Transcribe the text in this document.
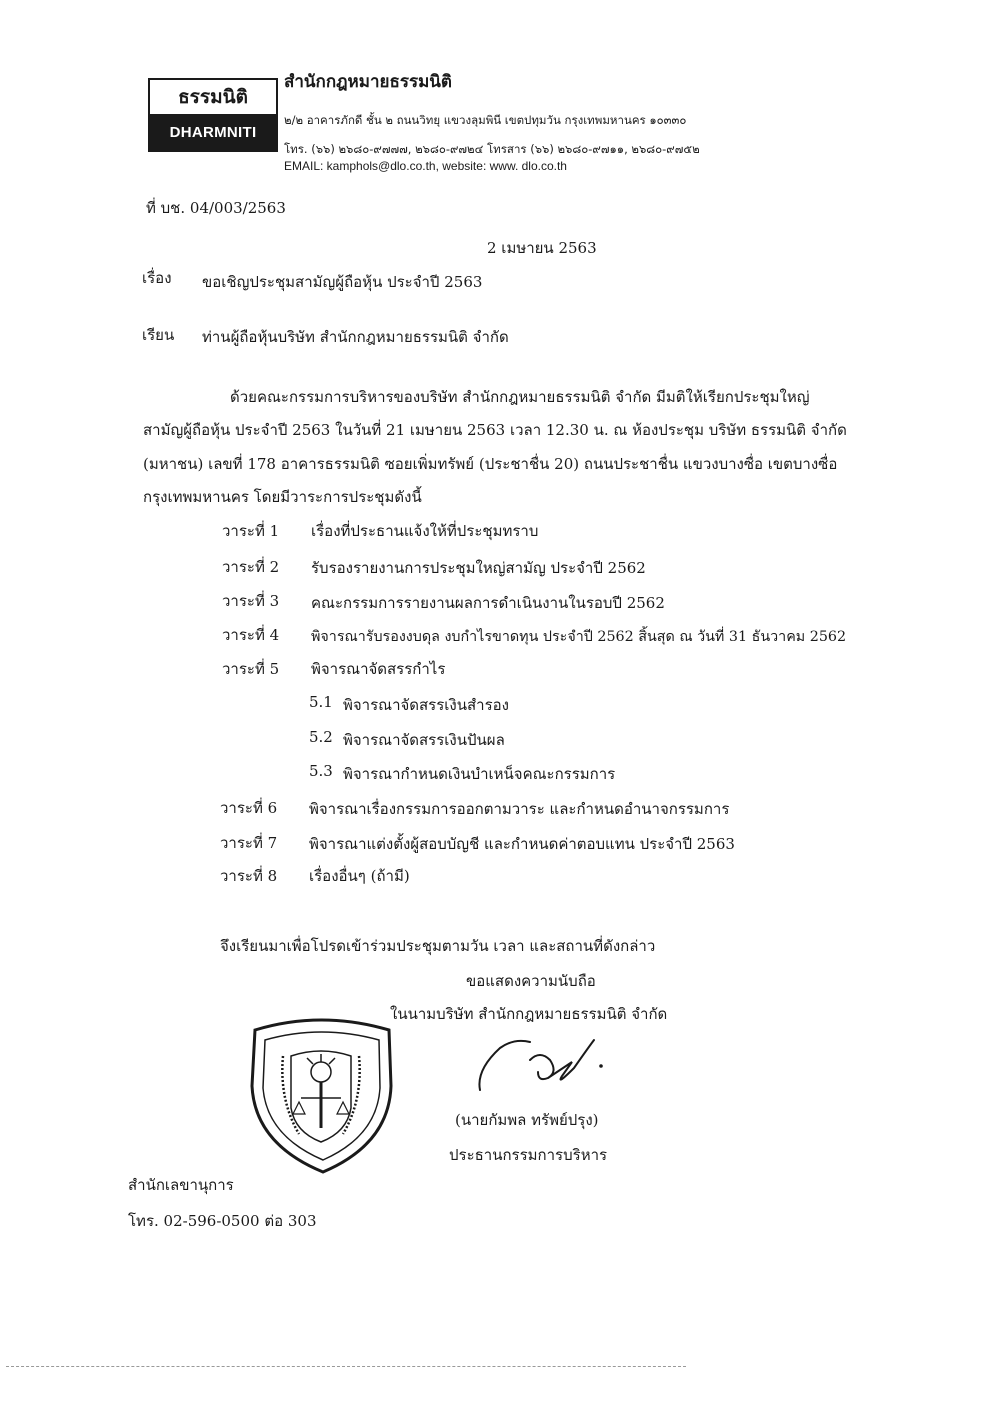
ธรรมนิติ
DHARMNITI
สำนักกฎหมายธรรมนิติ
๒/๒ อาคารภักดี ชั้น ๒ ถนนวิทยุ แขวงลุมพินี เขตปทุมวัน กรุงเทพมหานคร ๑๐๓๓๐
โทร. (๖๖) ๒๖๘๐-๙๗๗๗, ๒๖๘๐-๙๗๒๔ โทรสาร (๖๖) ๒๖๘๐-๙๗๑๑, ๒๖๘๐-๙๗๕๒
EMAIL: kamphols@dlo.co.th, website: www. dlo.co.th
ที่ บช. 04/003/2563
2 เมษายน 2563
เรื่อง ขอเชิญประชุมสามัญผู้ถือหุ้น ประจำปี 2563
เรียน ท่านผู้ถือหุ้นบริษัท สำนักกฎหมายธรรมนิติ จำกัด
ด้วยคณะกรรมการบริหารของบริษัท สำนักกฎหมายธรรมนิติ จำกัด มีมติให้เรียกประชุมใหญ่
สามัญผู้ถือหุ้น ประจำปี 2563 ในวันที่ 21 เมษายน 2563 เวลา 12.30 น. ณ ห้องประชุม บริษัท ธรรมนิติ จำกัด
(มหาชน) เลขที่ 178 อาคารธรรมนิติ ซอยเพิ่มทรัพย์ (ประชาชื่น 20) ถนนประชาชื่น แขวงบางซื่อ เขตบางซื่อ
กรุงเทพมหานคร โดยมีวาระการประชุมดังนี้
วาระที่ 1 เรื่องที่ประธานแจ้งให้ที่ประชุมทราบ
วาระที่ 2 รับรองรายงานการประชุมใหญ่สามัญ ประจำปี 2562
วาระที่ 3 คณะกรรมการรายงานผลการดำเนินงานในรอบปี 2562
วาระที่ 4 พิจารณารับรองงบดุล งบกำไรขาดทุน ประจำปี 2562 สิ้นสุด ณ วันที่ 31 ธันวาคม 2562
วาระที่ 5 พิจารณาจัดสรรกำไร
5.1 พิจารณาจัดสรรเงินสำรอง
5.2 พิจารณาจัดสรรเงินปันผล
5.3 พิจารณากำหนดเงินบำเหน็จคณะกรรมการ
วาระที่ 6 พิจารณาเรื่องกรรมการออกตามวาระ และกำหนดอำนาจกรรมการ
วาระที่ 7 พิจารณาแต่งตั้งผู้สอบบัญชี และกำหนดค่าตอบแทน ประจำปี 2563
วาระที่ 8 เรื่องอื่นๆ (ถ้ามี)
จึงเรียนมาเพื่อโปรดเข้าร่วมประชุมตามวัน เวลา และสถานที่ดังกล่าว
ขอแสดงความนับถือ
ในนามบริษัท สำนักกฎหมายธรรมนิติ จำกัด
(นายกัมพล ทรัพย์ปรุง)
ประธานกรรมการบริหาร
สำนักเลขานุการ
โทร. 02-596-0500 ต่อ 303
